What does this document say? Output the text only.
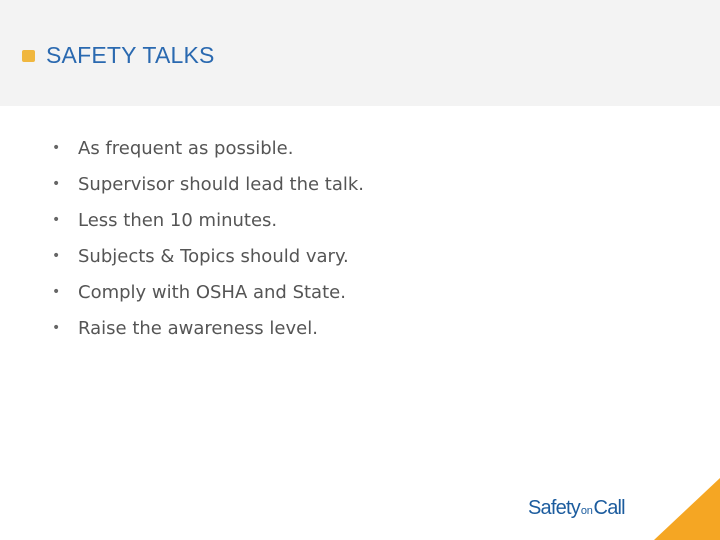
SAFETY TALKS
• As frequent as possible.
• Supervisor should lead the talk.
• Less then 10 minutes.
• Subjects & Topics should vary.
• Comply with OSHA and State.
• Raise the awareness level.
SafetyonCall
